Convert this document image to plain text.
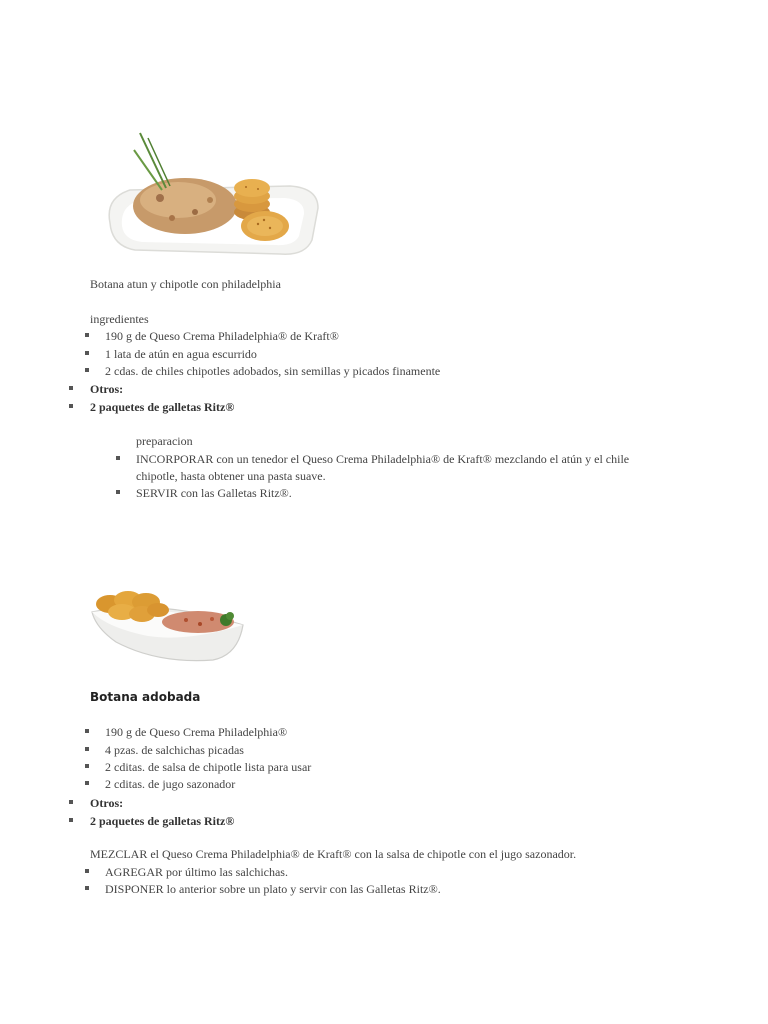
Botana atun y chipotle con philadelphia
ingredientes
190 g de Queso Crema Philadelphia® de Kraft®
1 lata de atún en agua escurrido
2 cdas. de chiles chipotles adobados, sin semillas y picados finamente
Otros:
2 paquetes de galletas Ritz®
preparacion
INCORPORAR con un tenedor el Queso Crema Philadelphia® de Kraft® mezclando el atún y el chile
chipotle, hasta obtener una pasta suave.
SERVIR con las Galletas Ritz®.
Botana adobada
190 g de Queso Crema Philadelphia®
4 pzas. de salchichas picadas
2 cditas. de salsa de chipotle lista para usar
2 cditas. de jugo sazonador
Otros:
2 paquetes de galletas Ritz®
MEZCLAR el Queso Crema Philadelphia® de Kraft® con la salsa de chipotle con el jugo sazonador.
AGREGAR por último las salchichas.
DISPONER lo anterior sobre un plato y servir con las Galletas Ritz®.
